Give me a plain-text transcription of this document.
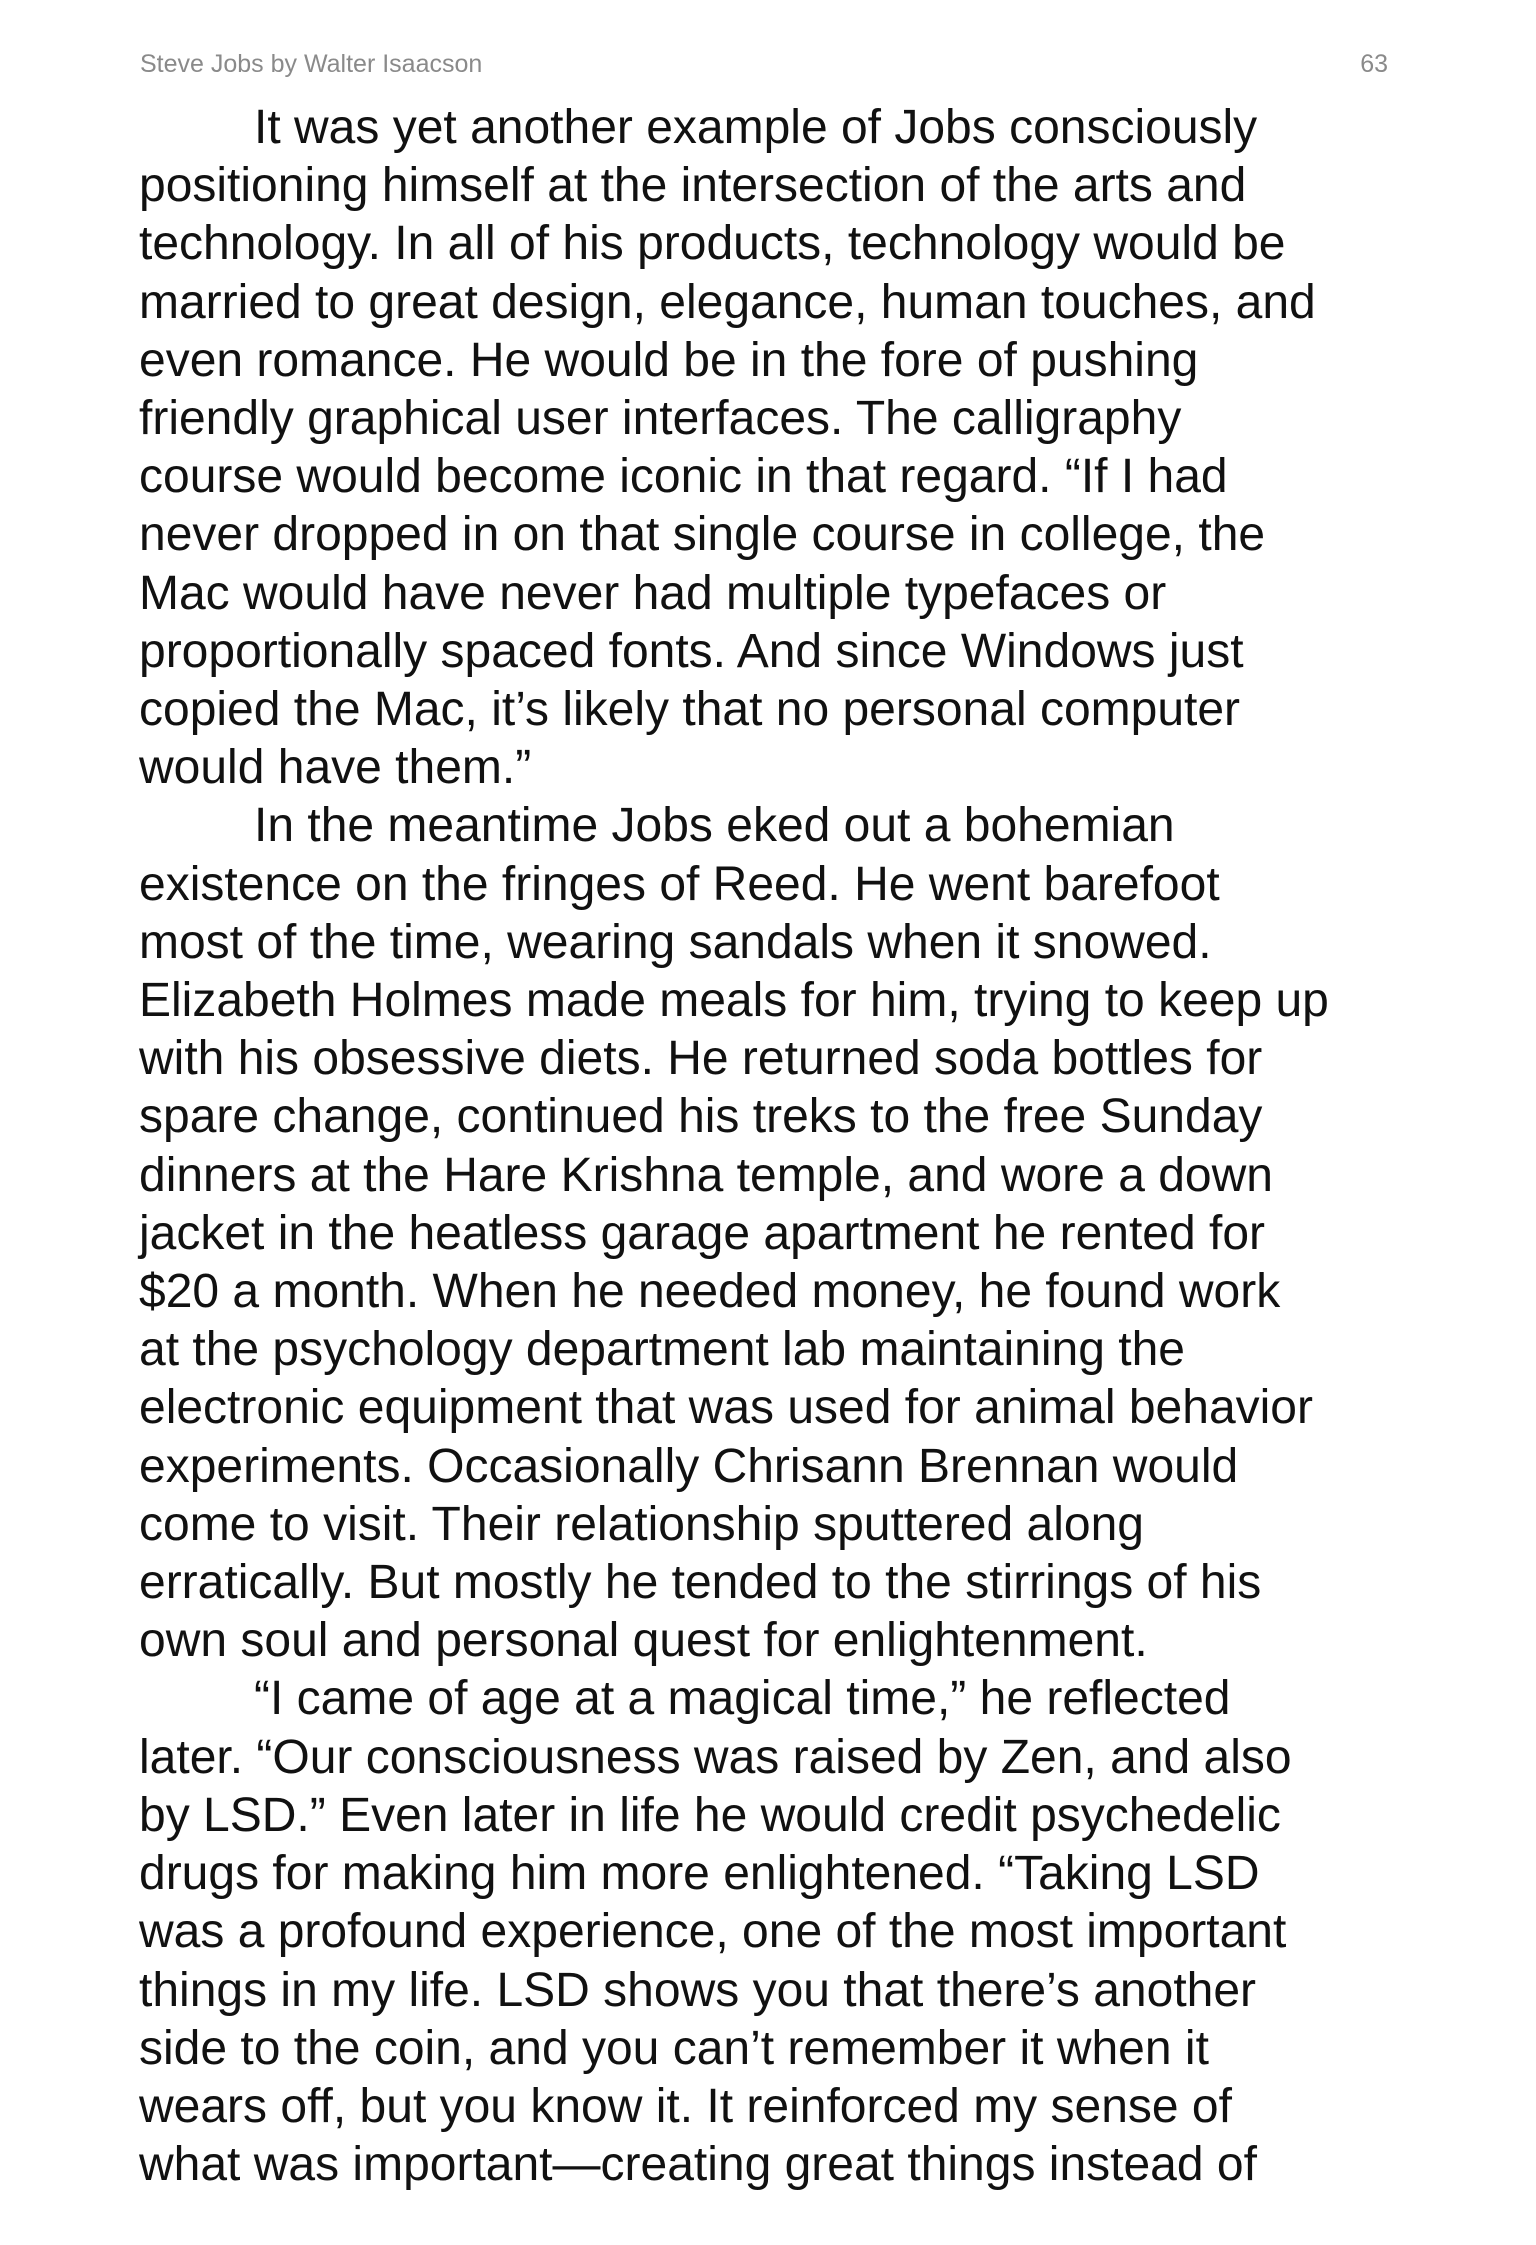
Steve Jobs by Walter Isaacson	63

It was yet another example of Jobs consciously
positioning himself at the intersection of the arts and
technology. In all of his products, technology would be
married to great design, elegance, human touches, and
even romance. He would be in the fore of pushing
friendly graphical user interfaces. The calligraphy
course would become iconic in that regard. “If I had
never dropped in on that single course in college, the
Mac would have never had multiple typefaces or
proportionally spaced fonts. And since Windows just
copied the Mac, it’s likely that no personal computer
would have them.”

In the meantime Jobs eked out a bohemian
existence on the fringes of Reed. He went barefoot
most of the time, wearing sandals when it snowed.
Elizabeth Holmes made meals for him, trying to keep up
with his obsessive diets. He returned soda bottles for
spare change, continued his treks to the free Sunday
dinners at the Hare Krishna temple, and wore a down
jacket in the heatless garage apartment he rented for
$20 a month. When he needed money, he found work
at the psychology department lab maintaining the
electronic equipment that was used for animal behavior
experiments. Occasionally Chrisann Brennan would
come to visit. Their relationship sputtered along
erratically. But mostly he tended to the stirrings of his
own soul and personal quest for enlightenment.

“I came of age at a magical time,” he reflected
later. “Our consciousness was raised by Zen, and also
by LSD.” Even later in life he would credit psychedelic
drugs for making him more enlightened. “Taking LSD
was a profound experience, one of the most important
things in my life. LSD shows you that there’s another
side to the coin, and you can’t remember it when it
wears off, but you know it. It reinforced my sense of
what was important—creating great things instead of
